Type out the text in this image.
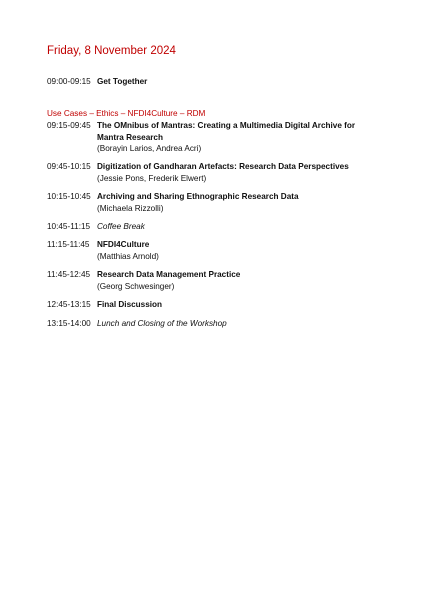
Friday, 8 November 2024
09:00-09:15 Get Together
Use Cases – Ethics – NFDI4Culture – RDM
09:15-09:45 The OMnibus of Mantras: Creating a Multimedia Digital Archive for Mantra Research
(Borayin Larios, Andrea Acri)
09:45-10:15 Digitization of Gandharan Artefacts: Research Data Perspectives
(Jessie Pons, Frederik Elwert)
10:15-10:45 Archiving and Sharing Ethnographic Research Data
(Michaela Rizzolli)
10:45-11:15 Coffee Break
11:15-11:45 NFDI4Culture
(Matthias Arnold)
11:45-12:45 Research Data Management Practice
(Georg Schwesinger)
12:45-13:15 Final Discussion
13:15-14:00 Lunch and Closing of the Workshop
